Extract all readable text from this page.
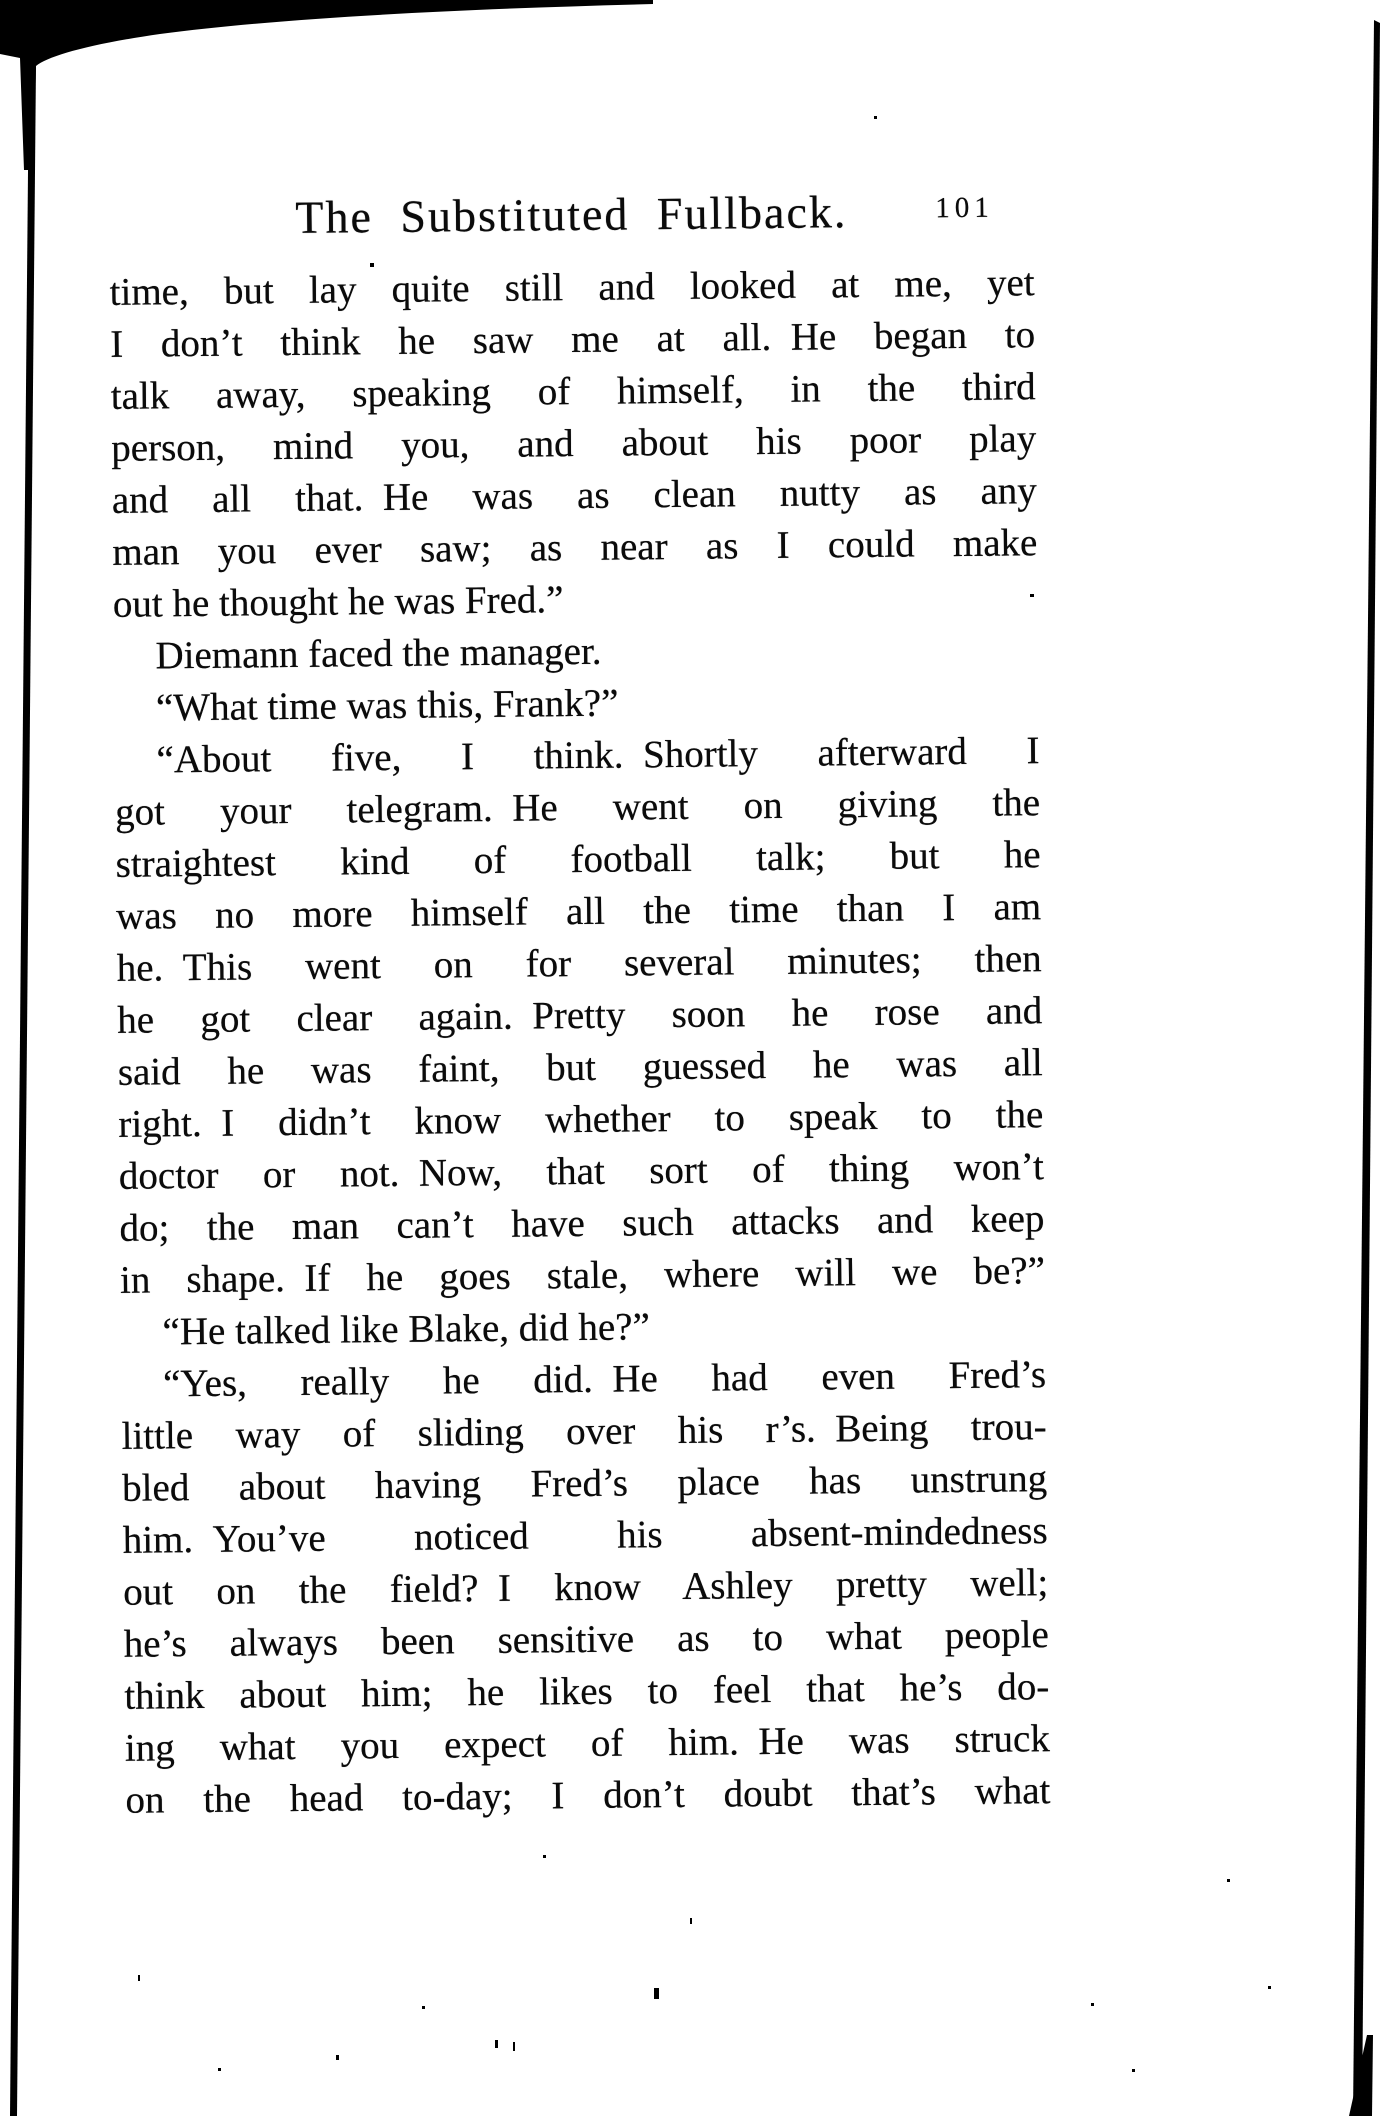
The Substituted Fullback.	101
time, but lay quite still and looked at me, yet
I don’t think he saw me at all. He began to
talk away, speaking of himself, in the third
person, mind you, and about his poor play
and all that. He was as clean nutty as any
man you ever saw; as near as I could make
out he thought he was Fred.”
Diemann faced the manager.
“What time was this, Frank?”
“About five, I think. Shortly afterward I
got your telegram. He went on giving the
straightest kind of football talk; but he
was no more himself all the time than I am
he. This went on for several minutes; then
he got clear again. Pretty soon he rose and
said he was faint, but guessed he was all
right. I didn’t know whether to speak to the
doctor or not. Now, that sort of thing won’t
do; the man can’t have such attacks and keep
in shape. If he goes stale, where will we be?”
“He talked like Blake, did he?”
“Yes, really he did. He had even Fred’s
little way of sliding over his r’s. Being trou-
bled about having Fred’s place has unstrung
him. You’ve noticed his absent-mindedness
out on the field? I know Ashley pretty well;
he’s always been sensitive as to what people
think about him; he likes to feel that he’s do-
ing what you expect of him. He was struck
on the head to-day; I don’t doubt that’s what
